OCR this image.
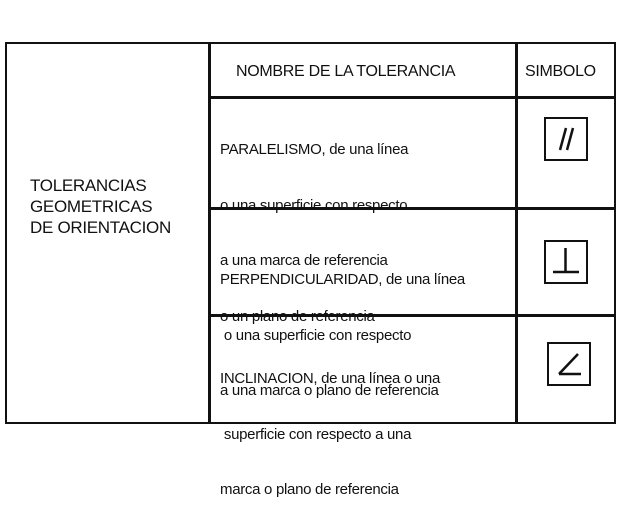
TOLERANCIAS
GEOMETRICAS
DE ORIENTACION
NOMBRE DE LA TOLERANCIA	SIMBOLO

PARALELISMO, de una línea

o una superficie con respecto

a una marca de referencia

o un plano de referencia

PERPENDICULARIDAD, de una línea

o una superficie con respecto

a una marca o plano de referencia

INCLINACION, de una línea o una

superficie con respecto a una

marca o plano de referencia
